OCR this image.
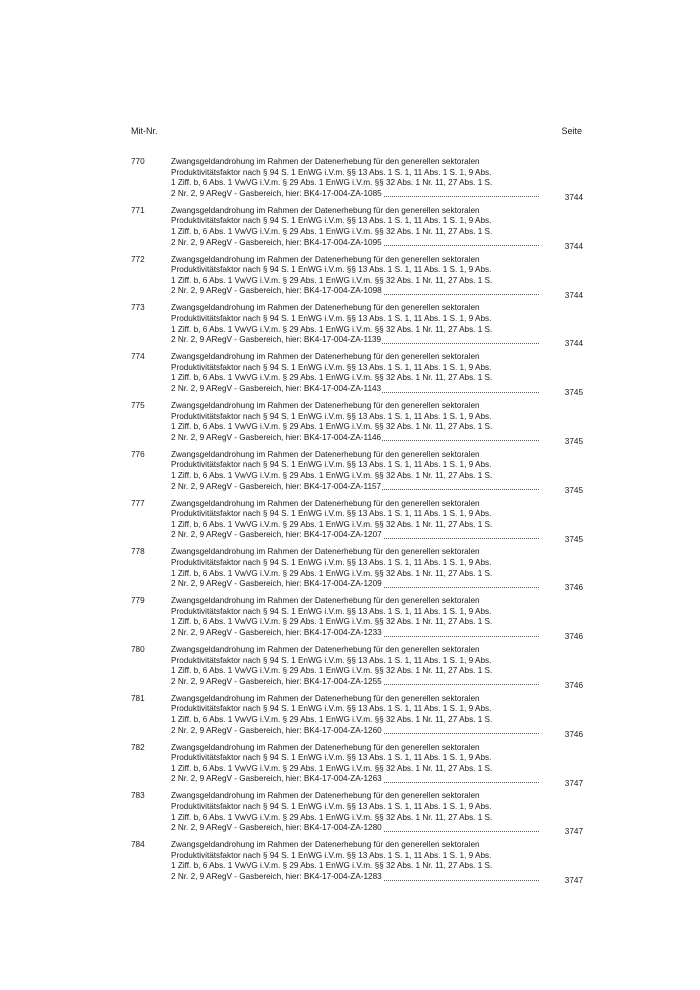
Mit-Nr.	Seite
770	Zwangsgeldandrohung im Rahmen der Datenerhebung für den generellen sektoralen
Produktivitätsfaktor nach § 94 S. 1 EnWG i.V.m. §§ 13 Abs. 1 S. 1, 11 Abs. 1 S. 1, 9 Abs.
1 Ziff. b, 6 Abs. 1 VwVG i.V.m. § 29 Abs. 1 EnWG i.V.m. §§ 32 Abs. 1 Nr. 11, 27 Abs. 1 S.
2 Nr. 2, 9 ARegV - Gasbereich, hier: BK4-17-004-ZA-1085	3744
771	Zwangsgeldandrohung im Rahmen der Datenerhebung für den generellen sektoralen
Produktivitätsfaktor nach § 94 S. 1 EnWG i.V.m. §§ 13 Abs. 1 S. 1, 11 Abs. 1 S. 1, 9 Abs.
1 Ziff. b, 6 Abs. 1 VwVG i.V.m. § 29 Abs. 1 EnWG i.V.m. §§ 32 Abs. 1 Nr. 11, 27 Abs. 1 S.
2 Nr. 2, 9 ARegV - Gasbereich, hier: BK4-17-004-ZA-1095	3744
772	Zwangsgeldandrohung im Rahmen der Datenerhebung für den generellen sektoralen
Produktivitätsfaktor nach § 94 S. 1 EnWG i.V.m. §§ 13 Abs. 1 S. 1, 11 Abs. 1 S. 1, 9 Abs.
1 Ziff. b, 6 Abs. 1 VwVG i.V.m. § 29 Abs. 1 EnWG i.V.m. §§ 32 Abs. 1 Nr. 11, 27 Abs. 1 S.
2 Nr. 2, 9 ARegV - Gasbereich, hier: BK4-17-004-ZA-1098	3744
773	Zwangsgeldandrohung im Rahmen der Datenerhebung für den generellen sektoralen
Produktivitätsfaktor nach § 94 S. 1 EnWG i.V.m. §§ 13 Abs. 1 S. 1, 11 Abs. 1 S. 1, 9 Abs.
1 Ziff. b, 6 Abs. 1 VwVG i.V.m. § 29 Abs. 1 EnWG i.V.m. §§ 32 Abs. 1 Nr. 11, 27 Abs. 1 S.
2 Nr. 2, 9 ARegV - Gasbereich, hier: BK4-17-004-ZA-1139	3744
774	Zwangsgeldandrohung im Rahmen der Datenerhebung für den generellen sektoralen
Produktivitätsfaktor nach § 94 S. 1 EnWG i.V.m. §§ 13 Abs. 1 S. 1, 11 Abs. 1 S. 1, 9 Abs.
1 Ziff. b, 6 Abs. 1 VwVG i.V.m. § 29 Abs. 1 EnWG i.V.m. §§ 32 Abs. 1 Nr. 11, 27 Abs. 1 S.
2 Nr. 2, 9 ARegV - Gasbereich, hier: BK4-17-004-ZA-1143	3745
775	Zwangsgeldandrohung im Rahmen der Datenerhebung für den generellen sektoralen
Produktivitätsfaktor nach § 94 S. 1 EnWG i.V.m. §§ 13 Abs. 1 S. 1, 11 Abs. 1 S. 1, 9 Abs.
1 Ziff. b, 6 Abs. 1 VwVG i.V.m. § 29 Abs. 1 EnWG i.V.m. §§ 32 Abs. 1 Nr. 11, 27 Abs. 1 S.
2 Nr. 2, 9 ARegV - Gasbereich, hier: BK4-17-004-ZA-1146	3745
776	Zwangsgeldandrohung im Rahmen der Datenerhebung für den generellen sektoralen
Produktivitätsfaktor nach § 94 S. 1 EnWG i.V.m. §§ 13 Abs. 1 S. 1, 11 Abs. 1 S. 1, 9 Abs.
1 Ziff. b, 6 Abs. 1 VwVG i.V.m. § 29 Abs. 1 EnWG i.V.m. §§ 32 Abs. 1 Nr. 11, 27 Abs. 1 S.
2 Nr. 2, 9 ARegV - Gasbereich, hier: BK4-17-004-ZA-1157	3745
777	Zwangsgeldandrohung im Rahmen der Datenerhebung für den generellen sektoralen
Produktivitätsfaktor nach § 94 S. 1 EnWG i.V.m. §§ 13 Abs. 1 S. 1, 11 Abs. 1 S. 1, 9 Abs.
1 Ziff. b, 6 Abs. 1 VwVG i.V.m. § 29 Abs. 1 EnWG i.V.m. §§ 32 Abs. 1 Nr. 11, 27 Abs. 1 S.
2 Nr. 2, 9 ARegV - Gasbereich, hier: BK4-17-004-ZA-1207	3745
778	Zwangsgeldandrohung im Rahmen der Datenerhebung für den generellen sektoralen
Produktivitätsfaktor nach § 94 S. 1 EnWG i.V.m. §§ 13 Abs. 1 S. 1, 11 Abs. 1 S. 1, 9 Abs.
1 Ziff. b, 6 Abs. 1 VwVG i.V.m. § 29 Abs. 1 EnWG i.V.m. §§ 32 Abs. 1 Nr. 11, 27 Abs. 1 S.
2 Nr. 2, 9 ARegV - Gasbereich, hier: BK4-17-004-ZA-1209	3746
779	Zwangsgeldandrohung im Rahmen der Datenerhebung für den generellen sektoralen
Produktivitätsfaktor nach § 94 S. 1 EnWG i.V.m. §§ 13 Abs. 1 S. 1, 11 Abs. 1 S. 1, 9 Abs.
1 Ziff. b, 6 Abs. 1 VwVG i.V.m. § 29 Abs. 1 EnWG i.V.m. §§ 32 Abs. 1 Nr. 11, 27 Abs. 1 S.
2 Nr. 2, 9 ARegV - Gasbereich, hier: BK4-17-004-ZA-1233	3746
780	Zwangsgeldandrohung im Rahmen der Datenerhebung für den generellen sektoralen
Produktivitätsfaktor nach § 94 S. 1 EnWG i.V.m. §§ 13 Abs. 1 S. 1, 11 Abs. 1 S. 1, 9 Abs.
1 Ziff. b, 6 Abs. 1 VwVG i.V.m. § 29 Abs. 1 EnWG i.V.m. §§ 32 Abs. 1 Nr. 11, 27 Abs. 1 S.
2 Nr. 2, 9 ARegV - Gasbereich, hier: BK4-17-004-ZA-1255	3746
781	Zwangsgeldandrohung im Rahmen der Datenerhebung für den generellen sektoralen
Produktivitätsfaktor nach § 94 S. 1 EnWG i.V.m. §§ 13 Abs. 1 S. 1, 11 Abs. 1 S. 1, 9 Abs.
1 Ziff. b, 6 Abs. 1 VwVG i.V.m. § 29 Abs. 1 EnWG i.V.m. §§ 32 Abs. 1 Nr. 11, 27 Abs. 1 S.
2 Nr. 2, 9 ARegV - Gasbereich, hier: BK4-17-004-ZA-1260	3746
782	Zwangsgeldandrohung im Rahmen der Datenerhebung für den generellen sektoralen
Produktivitätsfaktor nach § 94 S. 1 EnWG i.V.m. §§ 13 Abs. 1 S. 1, 11 Abs. 1 S. 1, 9 Abs.
1 Ziff. b, 6 Abs. 1 VwVG i.V.m. § 29 Abs. 1 EnWG i.V.m. §§ 32 Abs. 1 Nr. 11, 27 Abs. 1 S.
2 Nr. 2, 9 ARegV - Gasbereich, hier: BK4-17-004-ZA-1263	3747
783	Zwangsgeldandrohung im Rahmen der Datenerhebung für den generellen sektoralen
Produktivitätsfaktor nach § 94 S. 1 EnWG i.V.m. §§ 13 Abs. 1 S. 1, 11 Abs. 1 S. 1, 9 Abs.
1 Ziff. b, 6 Abs. 1 VwVG i.V.m. § 29 Abs. 1 EnWG i.V.m. §§ 32 Abs. 1 Nr. 11, 27 Abs. 1 S.
2 Nr. 2, 9 ARegV - Gasbereich, hier: BK4-17-004-ZA-1280	3747
784	Zwangsgeldandrohung im Rahmen der Datenerhebung für den generellen sektoralen
Produktivitätsfaktor nach § 94 S. 1 EnWG i.V.m. §§ 13 Abs. 1 S. 1, 11 Abs. 1 S. 1, 9 Abs.
1 Ziff. b, 6 Abs. 1 VwVG i.V.m. § 29 Abs. 1 EnWG i.V.m. §§ 32 Abs. 1 Nr. 11, 27 Abs. 1 S.
2 Nr. 2, 9 ARegV - Gasbereich, hier: BK4-17-004-ZA-1283	3747
